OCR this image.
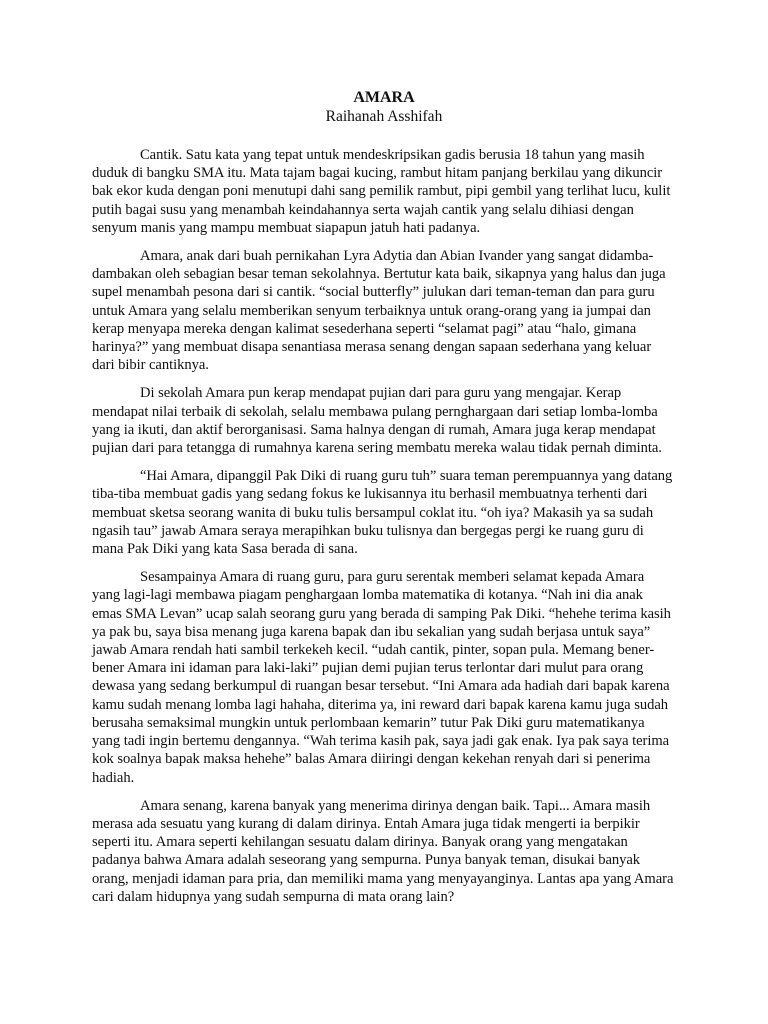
AMARA

Raihanah Asshifah

Cantik. Satu kata yang tepat untuk mendeskripsikan gadis berusia 18 tahun yang masih duduk di bangku SMA itu. Mata tajam bagai kucing, rambut hitam panjang berkilau yang dikuncir bak ekor kuda dengan poni menutupi dahi sang pemilik rambut, pipi gembil yang terlihat lucu, kulit putih bagai susu yang menambah keindahannya serta wajah cantik yang selalu dihiasi dengan senyum manis yang mampu membuat siapapun jatuh hati padanya.

Amara, anak dari buah pernikahan Lyra Adytia dan Abian Ivander yang sangat didamba-dambakan oleh sebagian besar teman sekolahnya. Bertutur kata baik, sikapnya yang halus dan juga supel menambah pesona dari si cantik. “social butterfly” julukan dari teman-teman dan para guru untuk Amara yang selalu memberikan senyum terbaiknya untuk orang-orang yang ia jumpai dan kerap menyapa mereka dengan kalimat sesederhana seperti “selamat pagi” atau “halo, gimana harinya?” yang membuat disapa senantiasa merasa senang dengan sapaan sederhana yang keluar dari bibir cantiknya.

Di sekolah Amara pun kerap mendapat pujian dari para guru yang mengajar. Kerap mendapat nilai terbaik di sekolah, selalu membawa pulang pernghargaan dari setiap lomba-lomba yang ia ikuti, dan aktif berorganisasi. Sama halnya dengan di rumah, Amara juga kerap mendapat pujian dari para tetangga di rumahnya karena sering membatu mereka walau tidak pernah diminta.

“Hai Amara, dipanggil Pak Diki di ruang guru tuh” suara teman perempuannya yang datang tiba-tiba membuat gadis yang sedang fokus ke lukisannya itu berhasil membuatnya terhenti dari membuat sketsa seorang wanita di buku tulis bersampul coklat itu. “oh iya? Makasih ya sa sudah ngasih tau” jawab Amara seraya merapihkan buku tulisnya dan bergegas pergi ke ruang guru di mana Pak Diki yang kata Sasa berada di sana.

Sesampainya Amara di ruang guru, para guru serentak memberi selamat kepada Amara yang lagi-lagi membawa piagam penghargaan lomba matematika di kotanya. “Nah ini dia anak emas SMA Levan” ucap salah seorang guru yang berada di samping Pak Diki. “hehehe terima kasih ya pak bu, saya bisa menang juga karena bapak dan ibu sekalian yang sudah berjasa untuk saya” jawab Amara rendah hati sambil terkekeh kecil. “udah cantik, pinter, sopan pula. Memang bener-bener Amara ini idaman para laki-laki” pujian demi pujian terus terlontar dari mulut para orang dewasa yang sedang berkumpul di ruangan besar tersebut. “Ini Amara ada hadiah dari bapak karena kamu sudah menang lomba lagi hahaha, diterima ya, ini reward dari bapak karena kamu juga sudah berusaha semaksimal mungkin untuk perlombaan kemarin” tutur Pak Diki guru matematikanya yang tadi ingin bertemu dengannya. “Wah terima kasih pak, saya jadi gak enak. Iya pak saya terima kok soalnya bapak maksa hehehe” balas Amara diiringi dengan kekehan renyah dari si penerima hadiah.

Amara senang, karena banyak yang menerima dirinya dengan baik. Tapi... Amara masih merasa ada sesuatu yang kurang di dalam dirinya. Entah Amara juga tidak mengerti ia berpikir seperti itu. Amara seperti kehilangan sesuatu dalam dirinya. Banyak orang yang mengatakan padanya bahwa Amara adalah seseorang yang sempurna. Punya banyak teman, disukai banyak orang, menjadi idaman para pria, dan memiliki mama yang menyayanginya. Lantas apa yang Amara cari dalam hidupnya yang sudah sempurna di mata orang lain?
